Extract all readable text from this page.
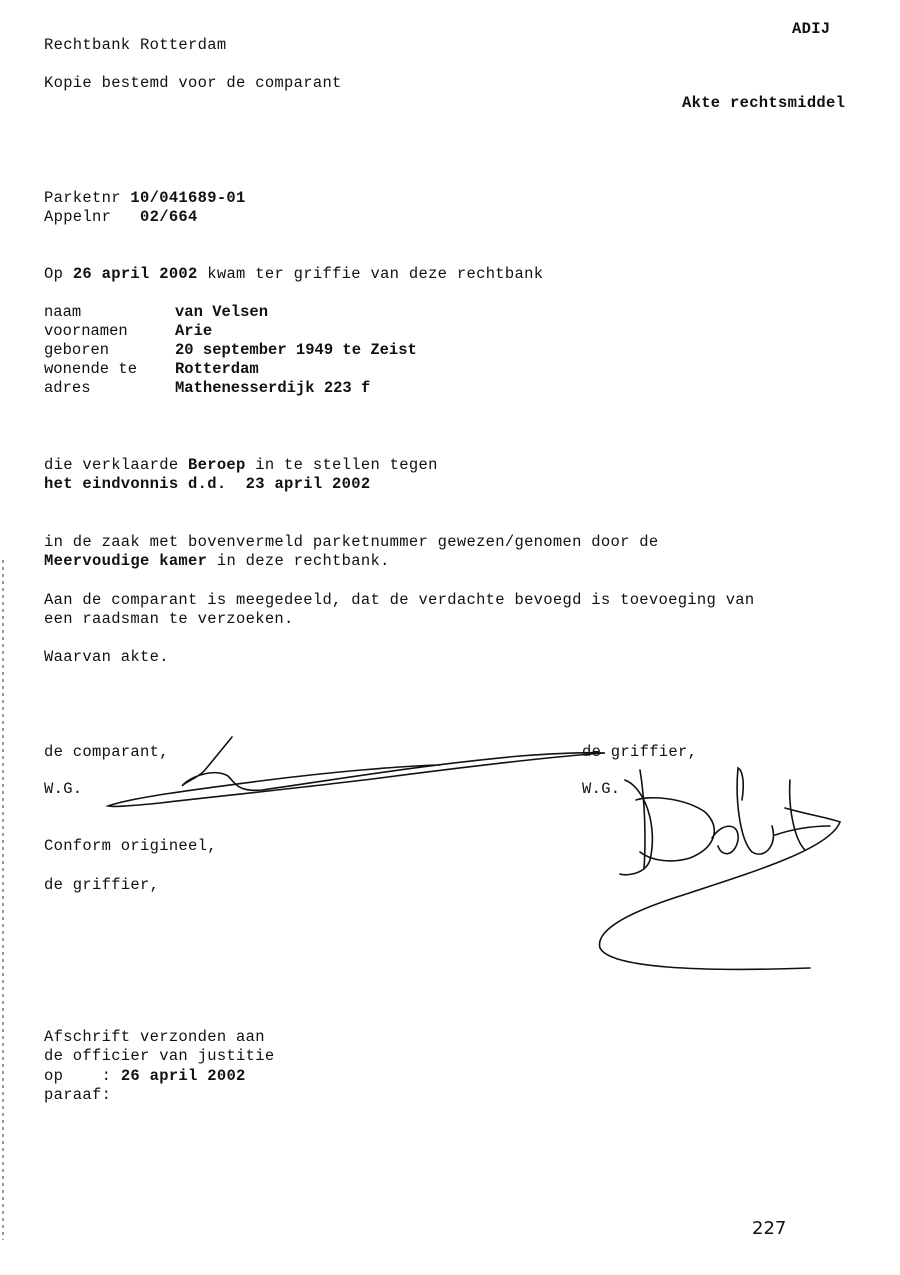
Rechtbank Rotterdam
ADIJ
Kopie bestemd voor de comparant
Akte rechtsmiddel
Parketnr 10/041689-01
Appelnr 02/664
Op 26 april 2002 kwam ter griffie van deze rechtbank
naam	van Velsen
voornamen	Arie
geboren	20 september 1949 te Zeist
wonende te Rotterdam
adres	Mathenesserdijk 223 f
die verklaarde Beroep in te stellen tegen
het eindvonnis d.d. 23 april 2002
in de zaak met bovenvermeld parketnummer gewezen/genomen door de
Meervoudige kamer in deze rechtbank.
Aan de comparant is meegedeeld, dat de verdachte bevoegd is toevoeging van
een raadsman te verzoeken.
Waarvan akte.
de comparant,	de griffier,
W.G.	W.G.
227
Conform origineel,
de griffier,
Afschrift verzonden aan
de officier van justitie
op    : 26 april 2002
paraaf:
